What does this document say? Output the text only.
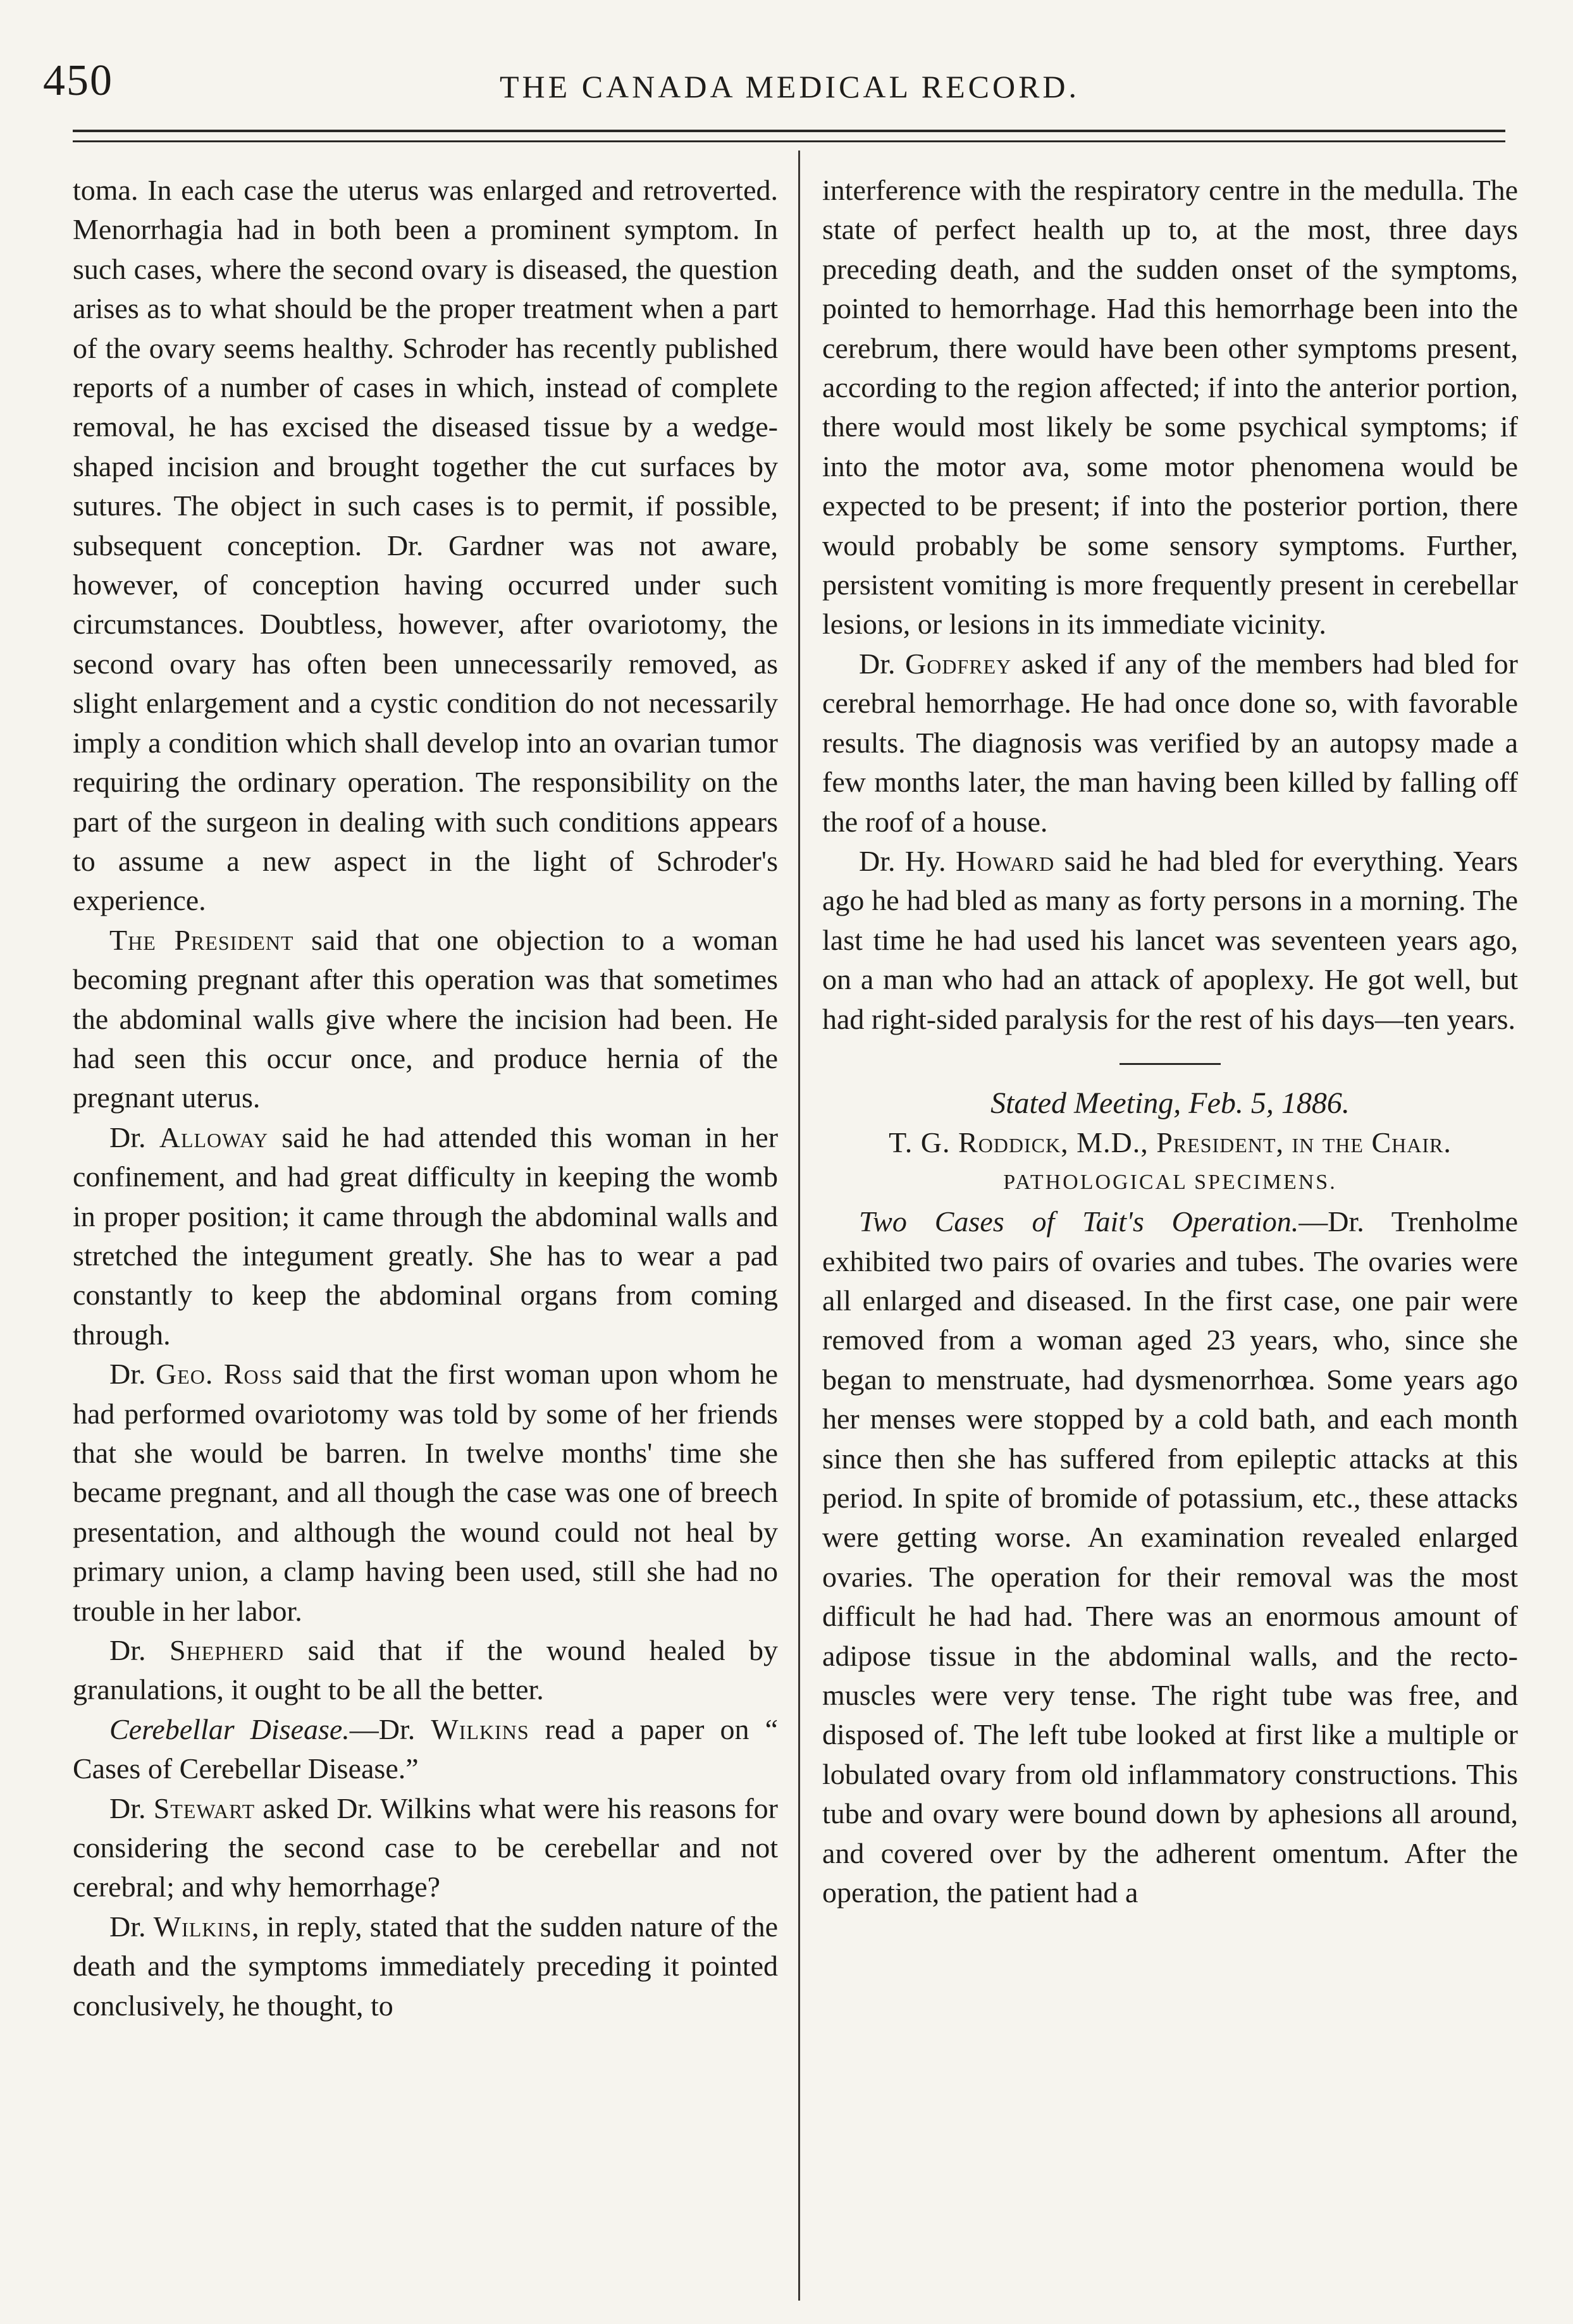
450	THE CANADA MEDICAL RECORD.

toma. In each case the uterus was enlarged and retroverted. Menorrhagia had in both been a prominent symptom. In such cases, where the second ovary is diseased, the question arises as to what should be the proper treatment when a part of the ovary seems healthy. Schroder has recently published reports of a number of cases in which, instead of complete removal, he has excised the diseased tissue by a wedge-shaped incision and brought together the cut surfaces by sutures. The object in such cases is to permit, if possible, subsequent conception. Dr. Gardner was not aware, however, of conception having occurred under such circumstances. Doubtless, however, after ovariotomy, the second ovary has often been unnecessarily removed, as slight enlargement and a cystic condition do not necessarily imply a condition which shall develop into an ovarian tumor requiring the ordinary operation. The responsibility on the part of the surgeon in dealing with such conditions appears to assume a new aspect in the light of Schroder's experience.

The President said that one objection to a woman becoming pregnant after this operation was that sometimes the abdominal walls give where the incision had been. He had seen this occur once, and produce hernia of the pregnant uterus.

Dr. Alloway said he had attended this woman in her confinement, and had great difficulty in keeping the womb in proper position; it came through the abdominal walls and stretched the integument greatly. She has to wear a pad constantly to keep the abdominal organs from coming through.

Dr. Geo. Ross said that the first woman upon whom he had performed ovariotomy was told by some of her friends that she would be barren. In twelve months' time she became pregnant, and all though the case was one of breech presentation, and although the wound could not heal by primary union, a clamp having been used, still she had no trouble in her labor.

Dr. Shepherd said that if the wound healed by granulations, it ought to be all the better.

Cerebellar Disease.—Dr. Wilkins read a paper on “ Cases of Cerebellar Disease.”

Dr. Stewart asked Dr. Wilkins what were his reasons for considering the second case to be cerebellar and not cerebral; and why hemorrhage?

Dr. Wilkins, in reply, stated that the sudden nature of the death and the symptoms immediately preceding it pointed conclusively, he thought, to

interference with the respiratory centre in the medulla. The state of perfect health up to, at the most, three days preceding death, and the sudden onset of the symptoms, pointed to hemorrhage. Had this hemorrhage been into the cerebrum, there would have been other symptoms present, according to the region affected; if into the anterior portion, there would most likely be some psychical symptoms; if into the motor ava, some motor phenomena would be expected to be present; if into the posterior portion, there would probably be some sensory symptoms. Further, persistent vomiting is more frequently present in cerebellar lesions, or lesions in its immediate vicinity.

Dr. Godfrey asked if any of the members had bled for cerebral hemorrhage. He had once done so, with favorable results. The diagnosis was verified by an autopsy made a few months later, the man having been killed by falling off the roof of a house.

Dr. Hy. Howard said he had bled for everything. Years ago he had bled as many as forty persons in a morning. The last time he had used his lancet was seventeen years ago, on a man who had an attack of apoplexy. He got well, but had right-sided paralysis for the rest of his days—ten years.

Stated Meeting, Feb. 5, 1886.

T. G. Roddick, M.D., President, in the Chair.

PATHOLOGICAL SPECIMENS.

Two Cases of Tait's Operation.—Dr. Trenholme exhibited two pairs of ovaries and tubes. The ovaries were all enlarged and diseased. In the first case, one pair were removed from a woman aged 23 years, who, since she began to menstruate, had dysmenorrhœa. Some years ago her menses were stopped by a cold bath, and each month since then she has suffered from epileptic attacks at this period. In spite of bromide of potassium, etc., these attacks were getting worse. An examination revealed enlarged ovaries. The operation for their removal was the most difficult he had had. There was an enormous amount of adipose tissue in the abdominal walls, and the recto-muscles were very tense. The right tube was free, and disposed of. The left tube looked at first like a multiple or lobulated ovary from old inflammatory constructions. This tube and ovary were bound down by aphesions all around, and covered over by the adherent omentum. After the operation, the patient had a
